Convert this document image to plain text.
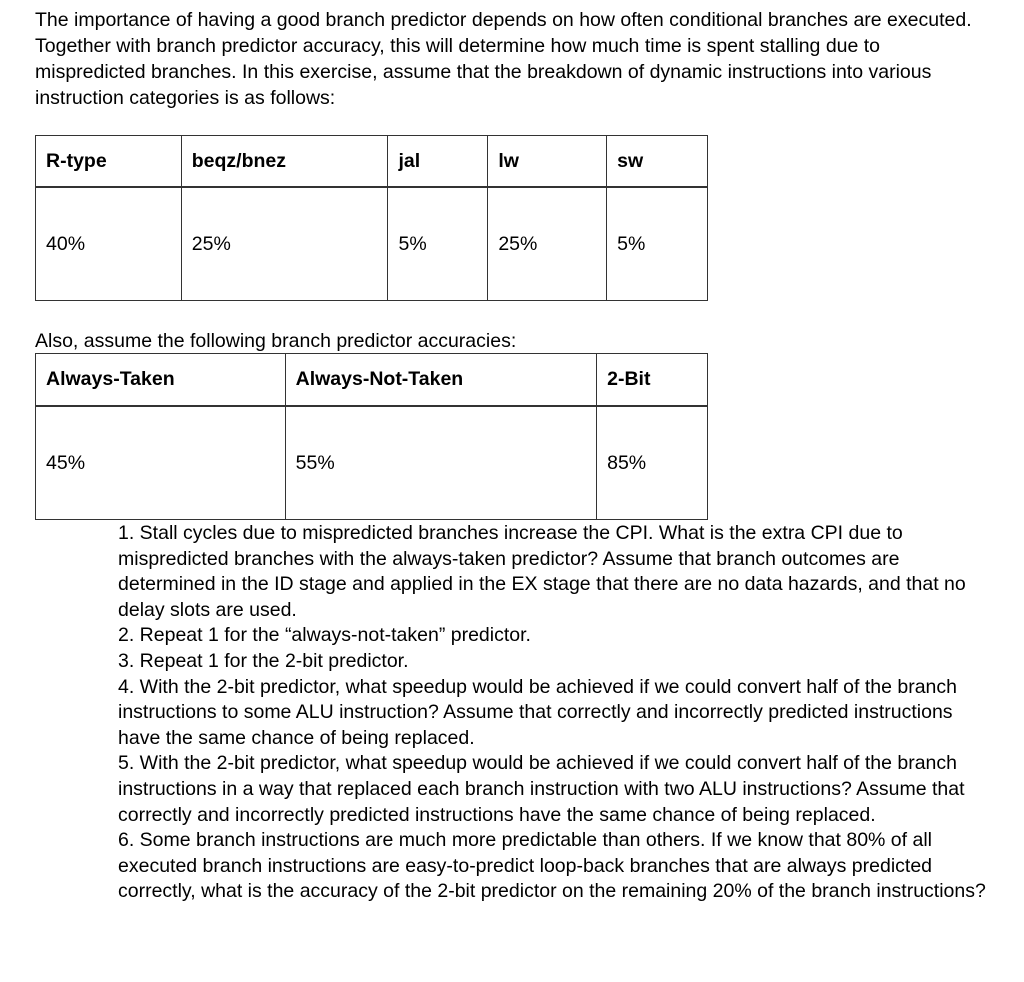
The importance of having a good branch predictor depends on how often conditional branches are executed. Together with branch predictor accuracy, this will determine how much time is spent stalling due to mispredicted branches. In this exercise, assume that the breakdown of dynamic instructions into various instruction categories is as follows:

R-type	beqz/bnez	jal	lw	sw
40%	25%	5%	25%	5%

Also, assume the following branch predictor accuracies:

Always-Taken	Always-Not-Taken	2-Bit
45%	55%	85%
1. Stall cycles due to mispredicted branches increase the CPI. What is the extra CPI due to mispredicted branches with the always-taken predictor? Assume that branch outcomes are determined in the ID stage and applied in the EX stage that there are no data hazards, and that no delay slots are used.
2. Repeat 1 for the “always-not-taken” predictor.
3. Repeat 1 for the 2-bit predictor.
4. With the 2-bit predictor, what speedup would be achieved if we could convert half of the branch instructions to some ALU instruction? Assume that correctly and incorrectly predicted instructions have the same chance of being replaced.
5. With the 2-bit predictor, what speedup would be achieved if we could convert half of the branch instructions in a way that replaced each branch instruction with two ALU instructions? Assume that correctly and incorrectly predicted instructions have the same chance of being replaced.
6. Some branch instructions are much more predictable than others. If we know that 80% of all executed branch instructions are easy-to-predict loop-back branches that are always predicted correctly, what is the accuracy of the 2-bit predictor on the remaining 20% of the branch instructions?
